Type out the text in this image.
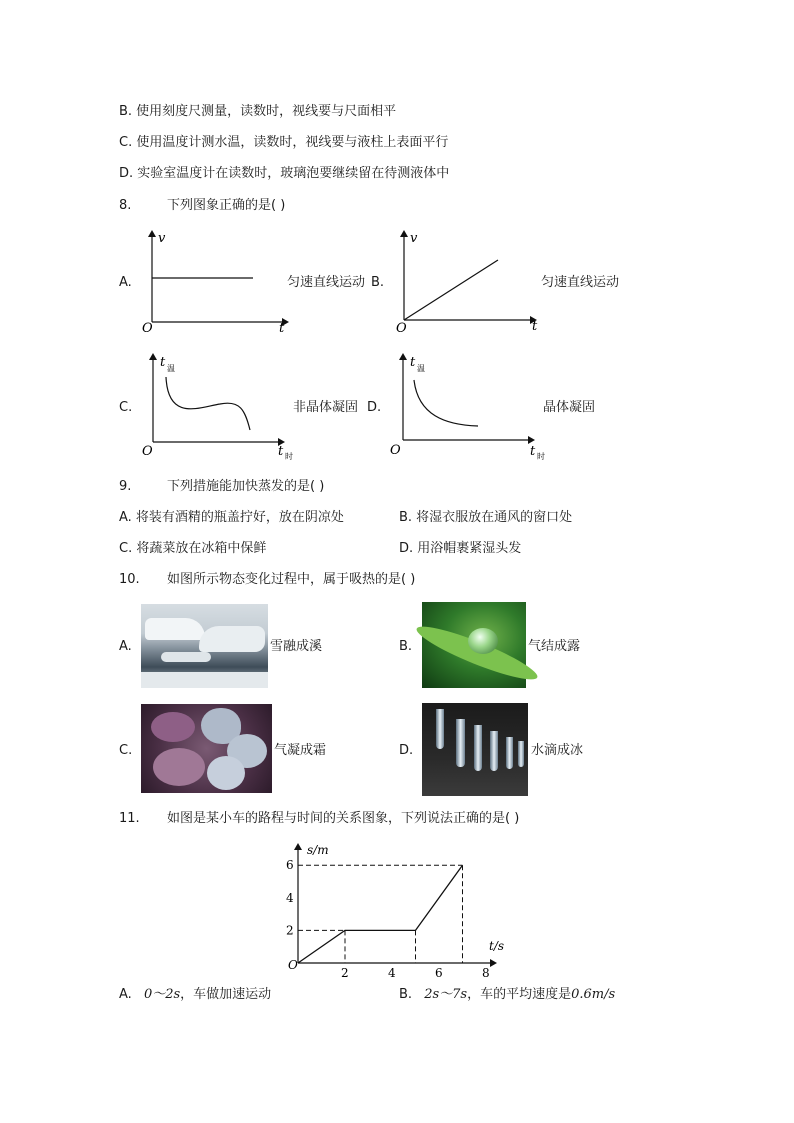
B. 使用刻度尺测量，读数时，视线要与尺面相平
C. 使用温度计测水温，读数时，视线要与液柱上表面平行
D. 实验室温度计在读数时，玻璃泡要继续留在待测液体中
8.	下列图象正确的是( )
A.
v
t
O
匀速直线运动 B.
v
t
O
匀速直线运动
C.
t 温
t 时
O
非晶体凝固 D.
t 温
t 时
O
晶体凝固
9.	下列措施能加快蒸发的是( )
A. 将装有酒精的瓶盖拧好，放在阴凉处	B. 将湿衣服放在通风的窗口处
C. 将蔬菜放在冰箱中保鲜	D. 用浴帽裹紧湿头发
10. 如图所示物态变化过程中，属于吸热的是( )
A.	雪融成溪	B.	气结成露
C.	气凝成霜	D.	水滴成冰
11. 如图是某小车的路程与时间的关系图象，下列说法正确的是( )
2	4	6	8
2
4
6
s/m
t/s
O
A. 0～2s，车做加速运动	B. 2s～7s，车的平均速度是0.6m/s
